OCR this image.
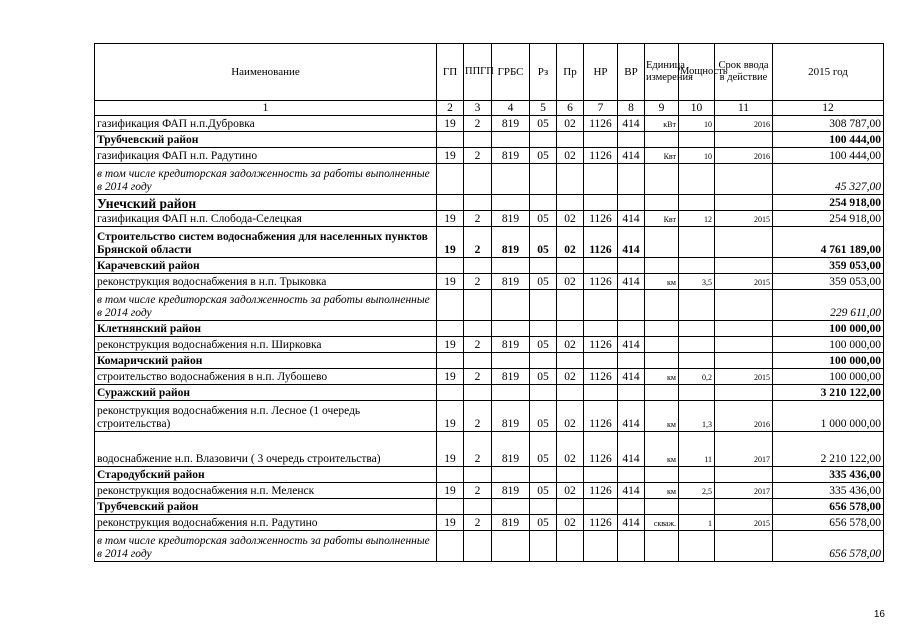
Наименование	ГП	ППГП	ГРБС	Рз	Пр	НР	ВР	Единица измерения	Мощность	Срок ввода в действие	2015 год
1	2	3	4	5	6	7	8	9	10	11	12
газификация ФАП н.п.Дубровка	19	2	819	05	02	1126	414	кВт	10	2016	308 787,00
Трубчевский район											100 444,00
газификация ФАП н.п. Радутино	19	2	819	05	02	1126	414	Квт	10	2016	100 444,00
в том числе кредиторская задолженность за работы выполненные в 2014 году											45 327,00
Унечский район											254 918,00
газификация ФАП н.п. Слобода-Селецкая	19	2	819	05	02	1126	414	Квт	12	2015	254 918,00
Строительство систем водоснабжения для населенных пунктов Брянской области	19	2	819	05	02	1126	414				4 761 189,00
Карачевский район											359 053,00
реконструкция водоснабжения в н.п. Трыковка	19	2	819	05	02	1126	414	км	3,5	2015	359 053,00
в том числе кредиторская задолженность за работы выполненные в 2014 году											229 611,00
Клетнянский район											100 000,00
реконструкция водоснабжения н.п. Ширковка	19	2	819	05	02	1126	414				100 000,00
Комаричский район											100 000,00
строительство водоснабжения в н.п. Лубошево	19	2	819	05	02	1126	414	км	0,2	2015	100 000,00
Суражский район											3 210 122,00
реконструкция водоснабжения н.п. Лесное (1 очередь строительства)	19	2	819	05	02	1126	414	км	1,3	2016	1 000 000,00
водоснабжение н.п. Влазовичи ( 3 очередь строительства)	19	2	819	05	02	1126	414	км	11	2017	2 210 122,00
Стародубский район											335 436,00
реконструкция водоснабжения н.п. Меленск	19	2	819	05	02	1126	414	км	2,5	2017	335 436,00
Трубчевский район											656 578,00
реконструкция водоснабжения н.п. Радутино	19	2	819	05	02	1126	414	скваж.	1	2015	656 578,00
в том числе кредиторская задолженность за работы выполненные в 2014 году											656 578,00
16
